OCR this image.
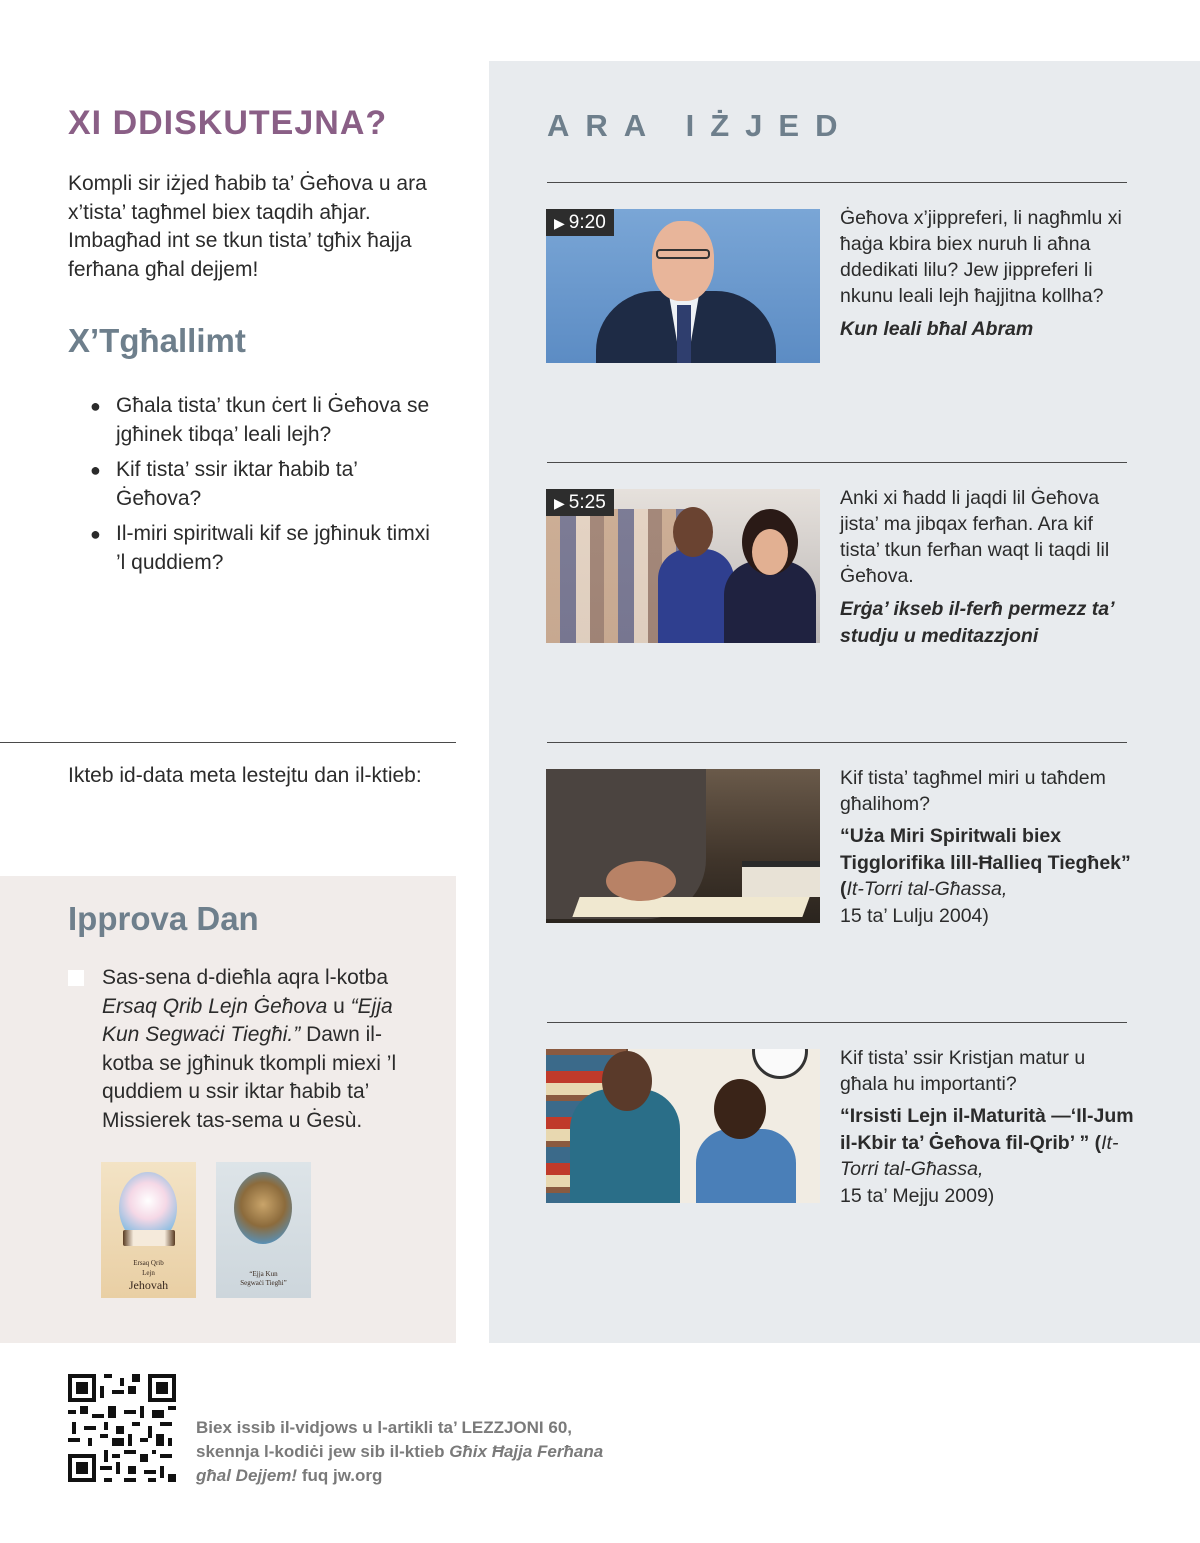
XI DDISKUTEJNA?

Kompli sir iżjed ħabib ta’ Ġeħova u ara x’tista’ tagħmel biex taqdih aħjar. Imbagħad int se tkun tista’ tgħix ħajja ferħana għal dejjem!

X’Tgħallimt
● Għala tista’ tkun ċert li Ġeħova se jgħinek tibqa’ leali lejh?
● Kif tista’ ssir iktar ħabib ta’ Ġeħova?
● Il-miri spiritwali kif se jgħinuk timxi ’l quddiem?

Ikteb id-data meta lestejtu dan il-ktieb:

Ipprova Dan

Sas-sena d-dieħla aqra l-kotba Ersaq Qrib Lejn Ġeħova u “Ejja Kun Segwaċi Tiegħi.” Dawn il-kotba se jgħinuk tkompli miexi ’l quddiem u ssir iktar ħabib ta’ Missierek tas-sema u Ġesù.

Ersaq Qrib
Lejn
Jehovah
“Ejja Kun
Segwaċi Tiegħi”
ARA IŻJED
▶ 9:20	Ġeħova x’jippreferi, li nagħmlu xi ħaġa kbira biex nuruh li aħna ddedikati lilu? Jew jippreferi li nkunu leali lejh ħajjitna kollha?

Kun leali bħal Abram

▶ 5:25	Anki xi ħadd li jaqdi lil Ġeħova jista’ ma jibqax ferħan. Ara kif tista’ tkun ferħan waqt li taqdi lil Ġeħova.

Erġa’ ikseb il-ferħ permezz ta’ studju u meditazzjoni

Kif tista’ tagħmel miri u taħdem għalihom?

“Uża Miri Spiritwali biex Tigglorifika lill-Ħallieq Tiegħek” (It-Torri tal-Għassa,
15 ta’ Lulju 2004)

Kif tista’ ssir Kristjan matur u għala hu importanti?

“Irsisti Lejn il-Maturità —‘Il-Jum il-Kbir ta’ Ġeħova fil-Qrib’ ” (It-Torri tal-Għassa,
15 ta’ Mejju 2009)

Biex issib il-vidjows u l-artikli ta’ LEZZJONI 60, skennja l-kodiċi jew sib il-ktieb Għix Ħajja Ferħana għal Dejjem! fuq jw.org
